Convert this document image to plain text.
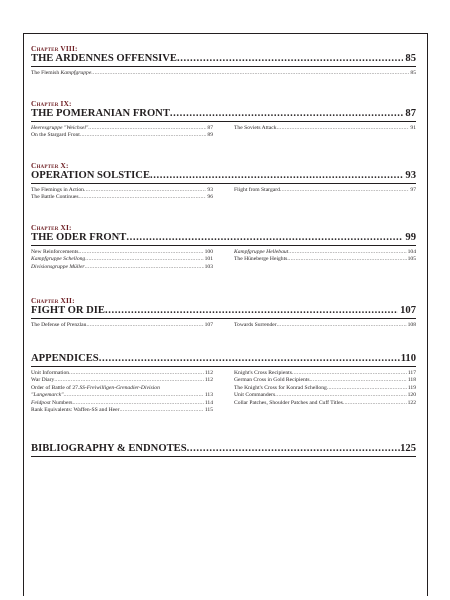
Chapter VIII:
THE ARDENNES OFFENSIVE .....	85
The Flemish Kampfgruppe .....	85
Chapter IX:
THE POMERANIAN FRONT .....	87
Heeresgruppe "Weichsel" .....	87
On the Stargard Front .....	89
The Soviets Attack .....	91
Chapter X:
OPERATION SOLSTICE .....	93
The Flemings in Action .....	93
The Battle Continues .....	96
Flight from Stargard .....	97
Chapter XI:
THE ODER FRONT .....	99
New Reinforcements .....	100
Kampfgruppe Schellong .....	101
Divisionsgruppe Müller .....	103
Kampfgruppe Hellebaut .....	104
The Hüneberge Heights .....	105
Chapter XII:
FIGHT OR DIE .....	107
The Defense of Prenzlau .....	107	Towards Surrender .....	108
APPENDICES .....	110
Unit Information .....	112
War Diary .....	112
Order of Battle of 27.SS-Freiwilligen-Grenadier-Division
"Langemarck" .....	113
Feldpost Numbers .....	114
Rank Equivalents: Waffen-SS and Heer .....	115
Knight's Cross Recipients .....	117
German Cross in Gold Recipients .....	118
The Knight's Cross for Konrad Schellong .....	119
Unit Commanders .....	120
Collar Patches, Shoulder Patches and Cuff Titles .....	122
BIBLIOGRAPHY & ENDNOTES .....	125
